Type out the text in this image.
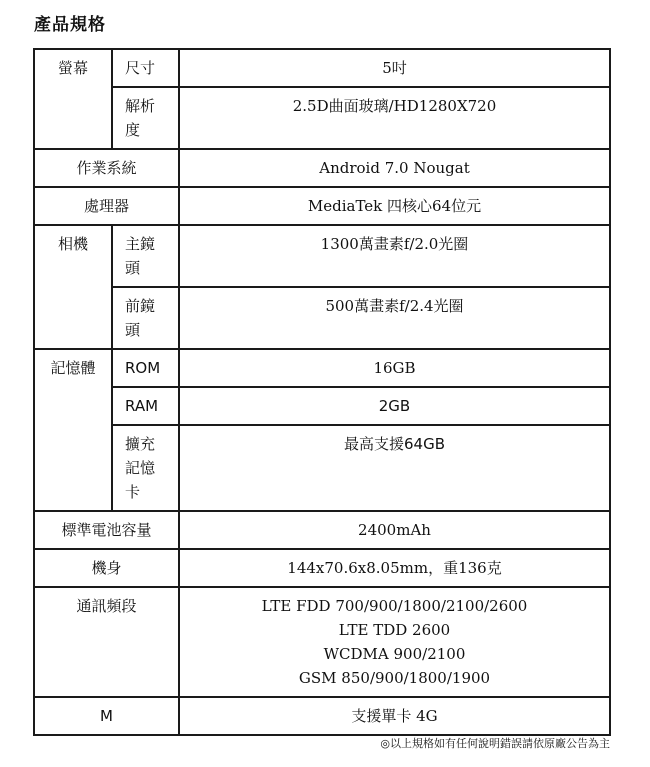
產品規格
螢幕	尺寸	5吋
	解析度	2.5D曲面玻璃/HD1280X720
作業系統		Android 7.0 Nougat
處理器		MediaTek 四核心64位元
相機	主鏡頭	1300萬畫素f/2.0光圈
	前鏡頭	500萬畫素f/2.4光圈
記憶體	ROM	16GB
	RAM	2GB
	擴充記憶卡	最高支援64GB
標準電池容量		2400mAh
機身		144x70.6x8.05mm，重136克
通訊頻段		LTE FDD 700/900/1800/2100/2600
LTE TDD 2600
WCDMA 900/2100
GSM 850/900/1800/1900

M		支援單卡 4G
◎以上規格如有任何說明錯誤請依原廠公告為主
